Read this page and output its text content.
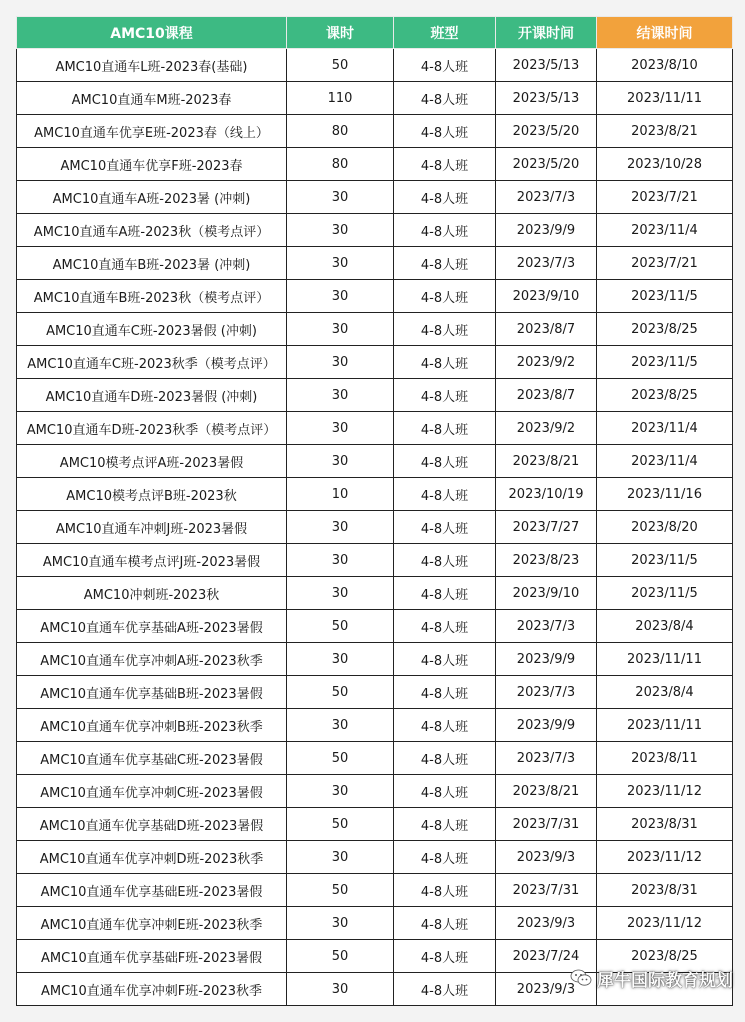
AMC10课程	课时	班型	开课时间	结课时间
AMC10直通车L班-2023春(基础)	50	4-8人班	2023/5/13	2023/8/10
AMC10直通车M班-2023春	110	4-8人班	2023/5/13	2023/11/11
AMC10直通车优享E班-2023春（线上）	80	4-8人班	2023/5/20	2023/8/21
AMC10直通车优享F班-2023春	80	4-8人班	2023/5/20	2023/10/28
AMC10直通车A班-2023暑 (冲刺)	30	4-8人班	2023/7/3	2023/7/21
AMC10直通车A班-2023秋（模考点评）	30	4-8人班	2023/9/9	2023/11/4
AMC10直通车B班-2023暑 (冲刺)	30	4-8人班	2023/7/3	2023/7/21
AMC10直通车B班-2023秋（模考点评）	30	4-8人班	2023/9/10	2023/11/5
AMC10直通车C班-2023暑假 (冲刺)	30	4-8人班	2023/8/7	2023/8/25
AMC10直通车C班-2023秋季（模考点评）	30	4-8人班	2023/9/2	2023/11/5
AMC10直通车D班-2023暑假 (冲刺)	30	4-8人班	2023/8/7	2023/8/25
AMC10直通车D班-2023秋季（模考点评）	30	4-8人班	2023/9/2	2023/11/4
AMC10模考点评A班-2023暑假	30	4-8人班	2023/8/21	2023/11/4
AMC10模考点评B班-2023秋	10	4-8人班	2023/10/19	2023/11/16
AMC10直通车冲刺J班-2023暑假	30	4-8人班	2023/7/27	2023/8/20
AMC10直通车模考点评J班-2023暑假	30	4-8人班	2023/8/23	2023/11/5
AMC10冲刺班-2023秋	30	4-8人班	2023/9/10	2023/11/5
AMC10直通车优享基础A班-2023暑假	50	4-8人班	2023/7/3	2023/8/4
AMC10直通车优享冲刺A班-2023秋季	30	4-8人班	2023/9/9	2023/11/11
AMC10直通车优享基础B班-2023暑假	50	4-8人班	2023/7/3	2023/8/4
AMC10直通车优享冲刺B班-2023秋季	30	4-8人班	2023/9/9	2023/11/11
AMC10直通车优享基础C班-2023暑假	50	4-8人班	2023/7/3	2023/8/11
AMC10直通车优享冲刺C班-2023暑假	30	4-8人班	2023/8/21	2023/11/12
AMC10直通车优享基础D班-2023暑假	50	4-8人班	2023/7/31	2023/8/31
AMC10直通车优享冲刺D班-2023秋季	30	4-8人班	2023/9/3	2023/11/12
AMC10直通车优享基础E班-2023暑假	50	4-8人班	2023/7/31	2023/8/31
AMC10直通车优享冲刺E班-2023秋季	30	4-8人班	2023/9/3	2023/11/12
AMC10直通车优享基础F班-2023暑假	50	4-8人班	2023/7/24	2023/8/25
AMC10直通车优享冲刺F班-2023秋季	30	4-8人班	2023/9/3	犀牛国际教育规划
